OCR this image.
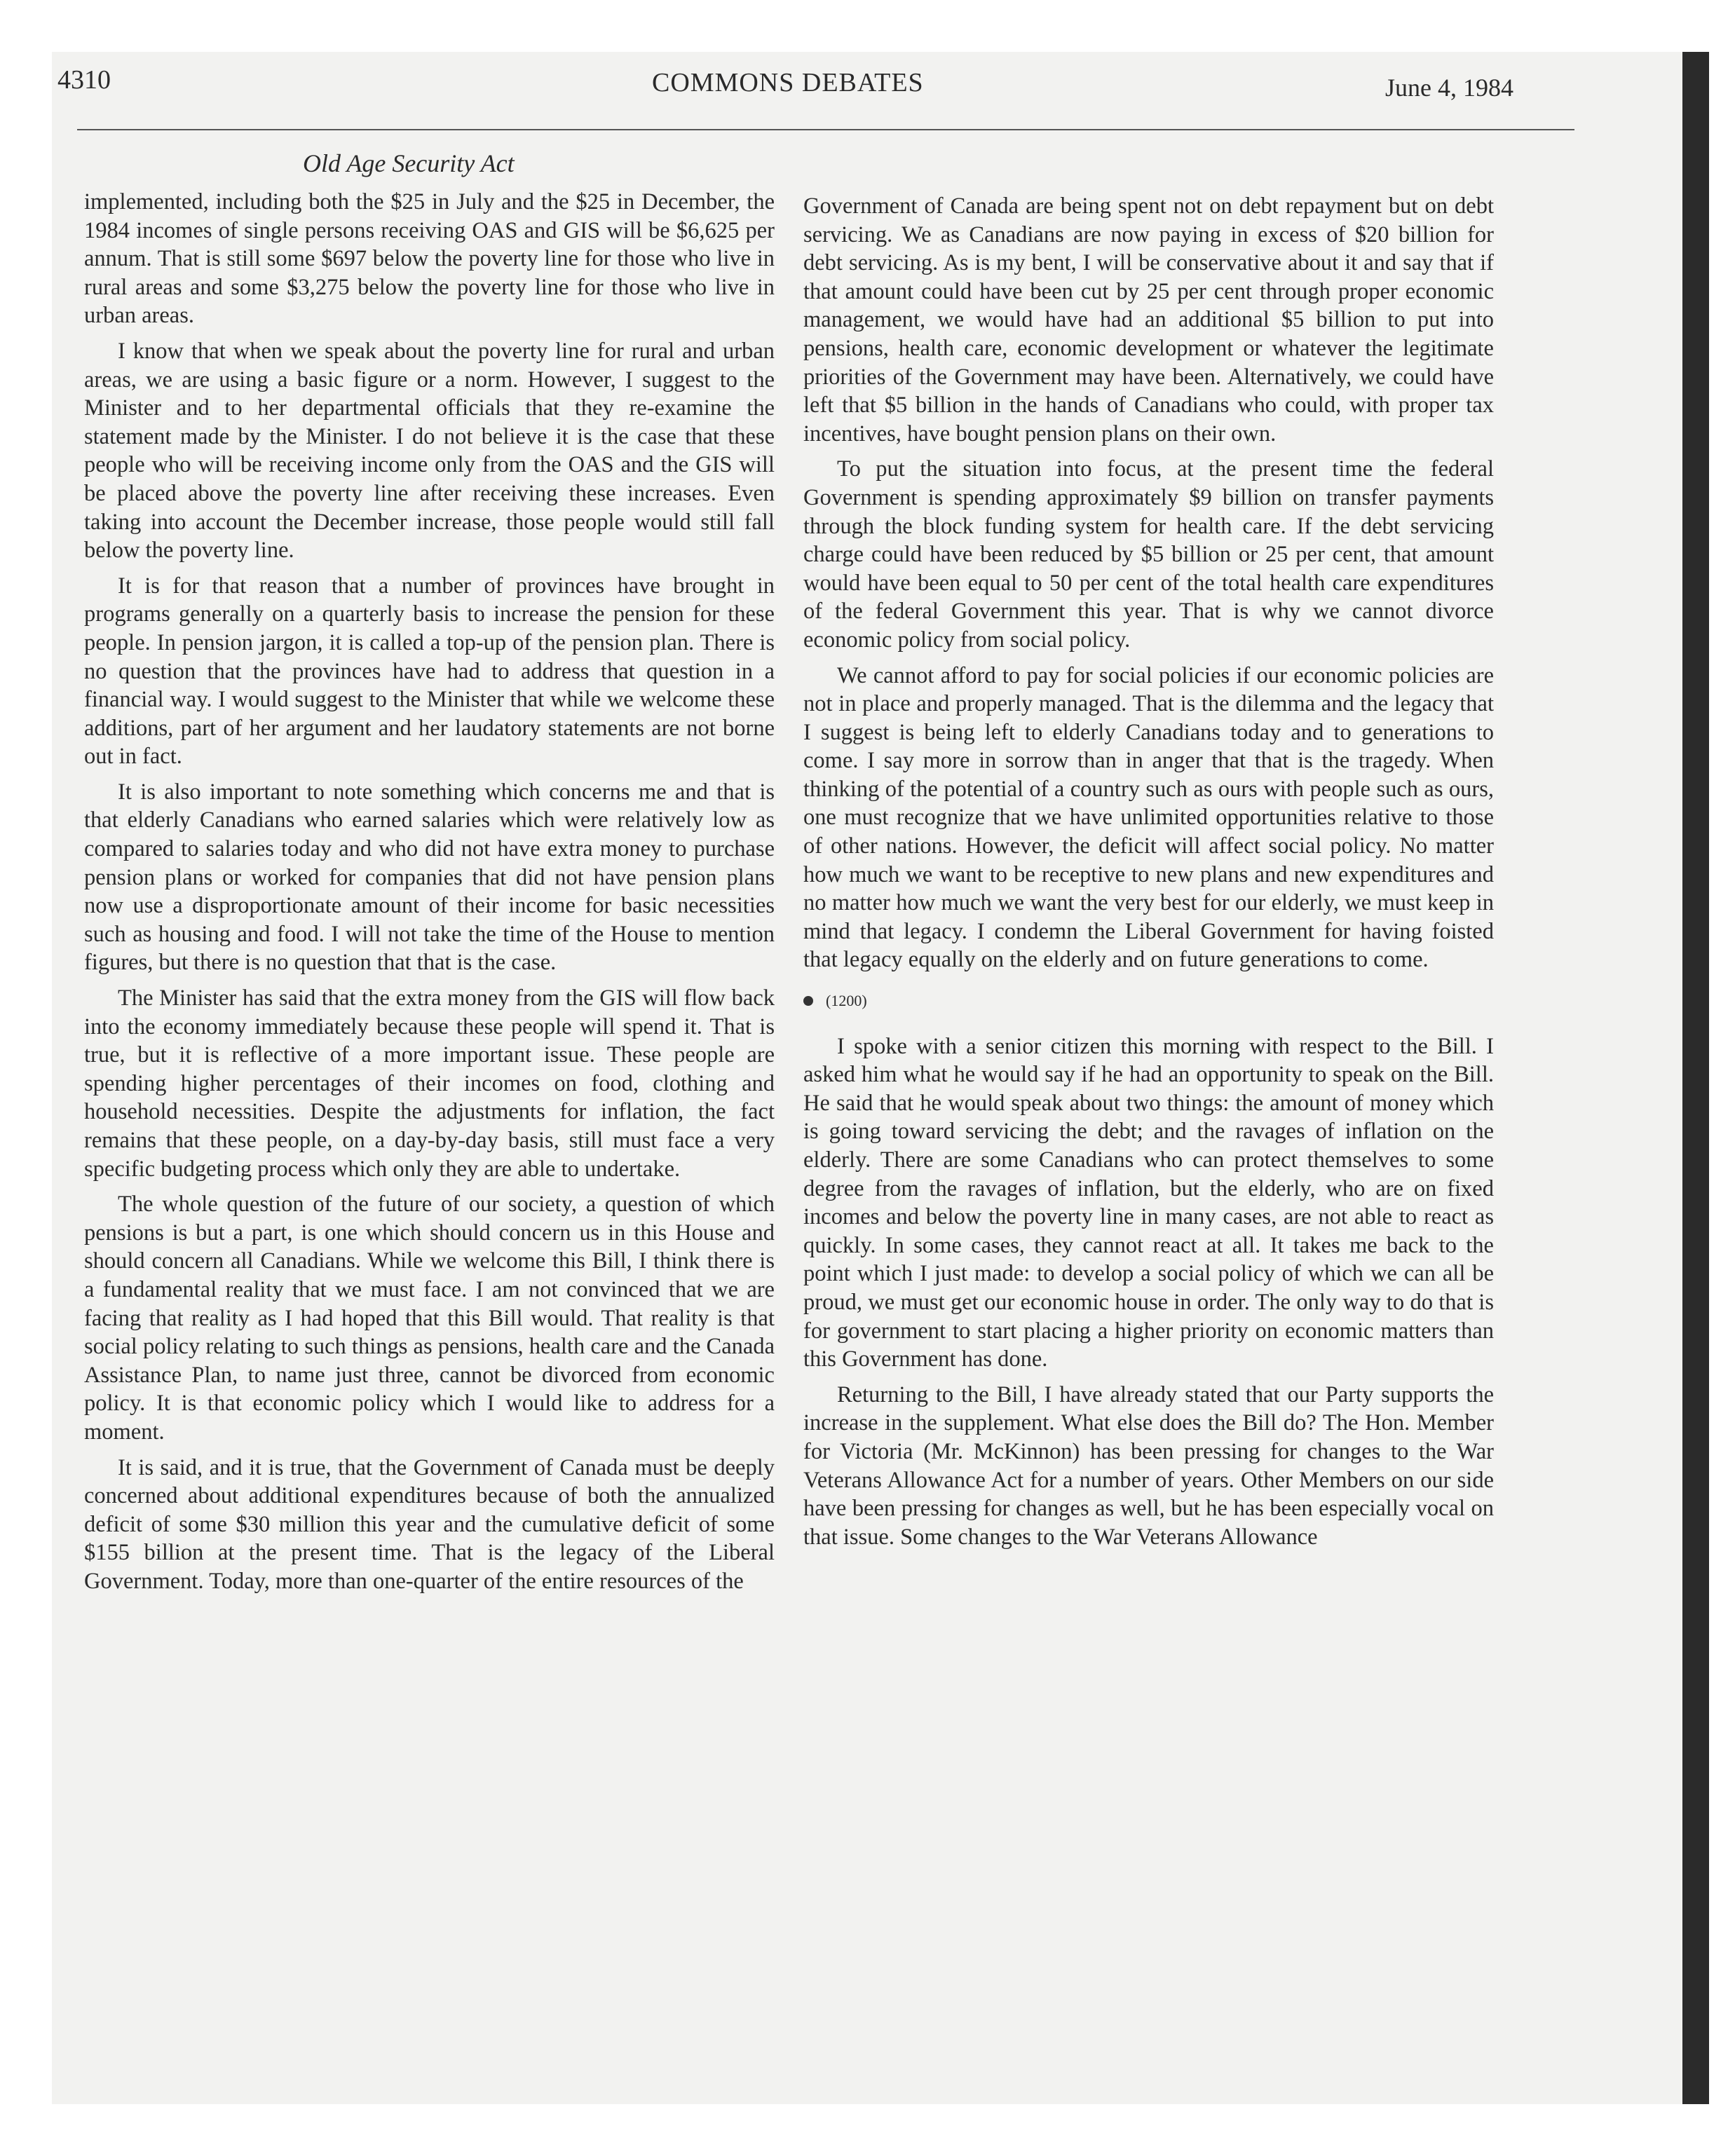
4310	COMMONS DEBATES	June 4, 1984
Old Age Security Act

implemented, including both the $25 in July and the $25 in December, the 1984 incomes of single persons receiving OAS and GIS will be $6,625 per annum. That is still some $697 below the poverty line for those who live in rural areas and some $3,275 below the poverty line for those who live in urban areas.

I know that when we speak about the poverty line for rural and urban areas, we are using a basic figure or a norm. However, I suggest to the Minister and to her departmental officials that they re-examine the statement made by the Minister. I do not believe it is the case that these people who will be receiving income only from the OAS and the GIS will be placed above the poverty line after receiving these increases. Even taking into account the December increase, those people would still fall below the poverty line.

It is for that reason that a number of provinces have brought in programs generally on a quarterly basis to increase the pension for these people. In pension jargon, it is called a top-up of the pension plan. There is no question that the provinces have had to address that question in a financial way. I would suggest to the Minister that while we welcome these additions, part of her argument and her laudatory statements are not borne out in fact.

It is also important to note something which concerns me and that is that elderly Canadians who earned salaries which were relatively low as compared to salaries today and who did not have extra money to purchase pension plans or worked for companies that did not have pension plans now use a disproportionate amount of their income for basic necessities such as housing and food. I will not take the time of the House to mention figures, but there is no question that that is the case.

The Minister has said that the extra money from the GIS will flow back into the economy immediately because these people will spend it. That is true, but it is reflective of a more important issue. These people are spending higher percentages of their incomes on food, clothing and household necessities. Despite the adjustments for inflation, the fact remains that these people, on a day-by-day basis, still must face a very specific budgeting process which only they are able to undertake.

The whole question of the future of our society, a question of which pensions is but a part, is one which should concern us in this House and should concern all Canadians. While we welcome this Bill, I think there is a fundamental reality that we must face. I am not convinced that we are facing that reality as I had hoped that this Bill would. That reality is that social policy relating to such things as pensions, health care and the Canada Assistance Plan, to name just three, cannot be divorced from economic policy. It is that economic policy which I would like to address for a moment.

It is said, and it is true, that the Government of Canada must be deeply concerned about additional expenditures because of both the annualized deficit of some $30 million this year and the cumulative deficit of some $155 billion at the present time. That is the legacy of the Liberal Government. Today, more than one-quarter of the entire resources of the

Government of Canada are being spent not on debt repayment but on debt servicing. We as Canadians are now paying in excess of $20 billion for debt servicing. As is my bent, I will be conservative about it and say that if that amount could have been cut by 25 per cent through proper economic management, we would have had an additional $5 billion to put into pensions, health care, economic development or whatever the legitimate priorities of the Government may have been. Alternatively, we could have left that $5 billion in the hands of Canadians who could, with proper tax incentives, have bought pension plans on their own.

To put the situation into focus, at the present time the federal Government is spending approximately $9 billion on transfer payments through the block funding system for health care. If the debt servicing charge could have been reduced by $5 billion or 25 per cent, that amount would have been equal to 50 per cent of the total health care expenditures of the federal Government this year. That is why we cannot divorce economic policy from social policy.

We cannot afford to pay for social policies if our economic policies are not in place and properly managed. That is the dilemma and the legacy that I suggest is being left to elderly Canadians today and to generations to come. I say more in sorrow than in anger that that is the tragedy. When thinking of the potential of a country such as ours with people such as ours, one must recognize that we have unlimited opportunities relative to those of other nations. However, the deficit will affect social policy. No matter how much we want to be receptive to new plans and new expenditures and no matter how much we want the very best for our elderly, we must keep in mind that legacy. I condemn the Liberal Government for having foisted that legacy equally on the elderly and on future generations to come.

(1200)

I spoke with a senior citizen this morning with respect to the Bill. I asked him what he would say if he had an opportunity to speak on the Bill. He said that he would speak about two things: the amount of money which is going toward servicing the debt; and the ravages of inflation on the elderly. There are some Canadians who can protect themselves to some degree from the ravages of inflation, but the elderly, who are on fixed incomes and below the poverty line in many cases, are not able to react as quickly. In some cases, they cannot react at all. It takes me back to the point which I just made: to develop a social policy of which we can all be proud, we must get our economic house in order. The only way to do that is for government to start placing a higher priority on economic matters than this Government has done.

Returning to the Bill, I have already stated that our Party supports the increase in the supplement. What else does the Bill do? The Hon. Member for Victoria (Mr. McKinnon) has been pressing for changes to the War Veterans Allowance Act for a number of years. Other Members on our side have been pressing for changes as well, but he has been especially vocal on that issue. Some changes to the War Veterans Allowance
